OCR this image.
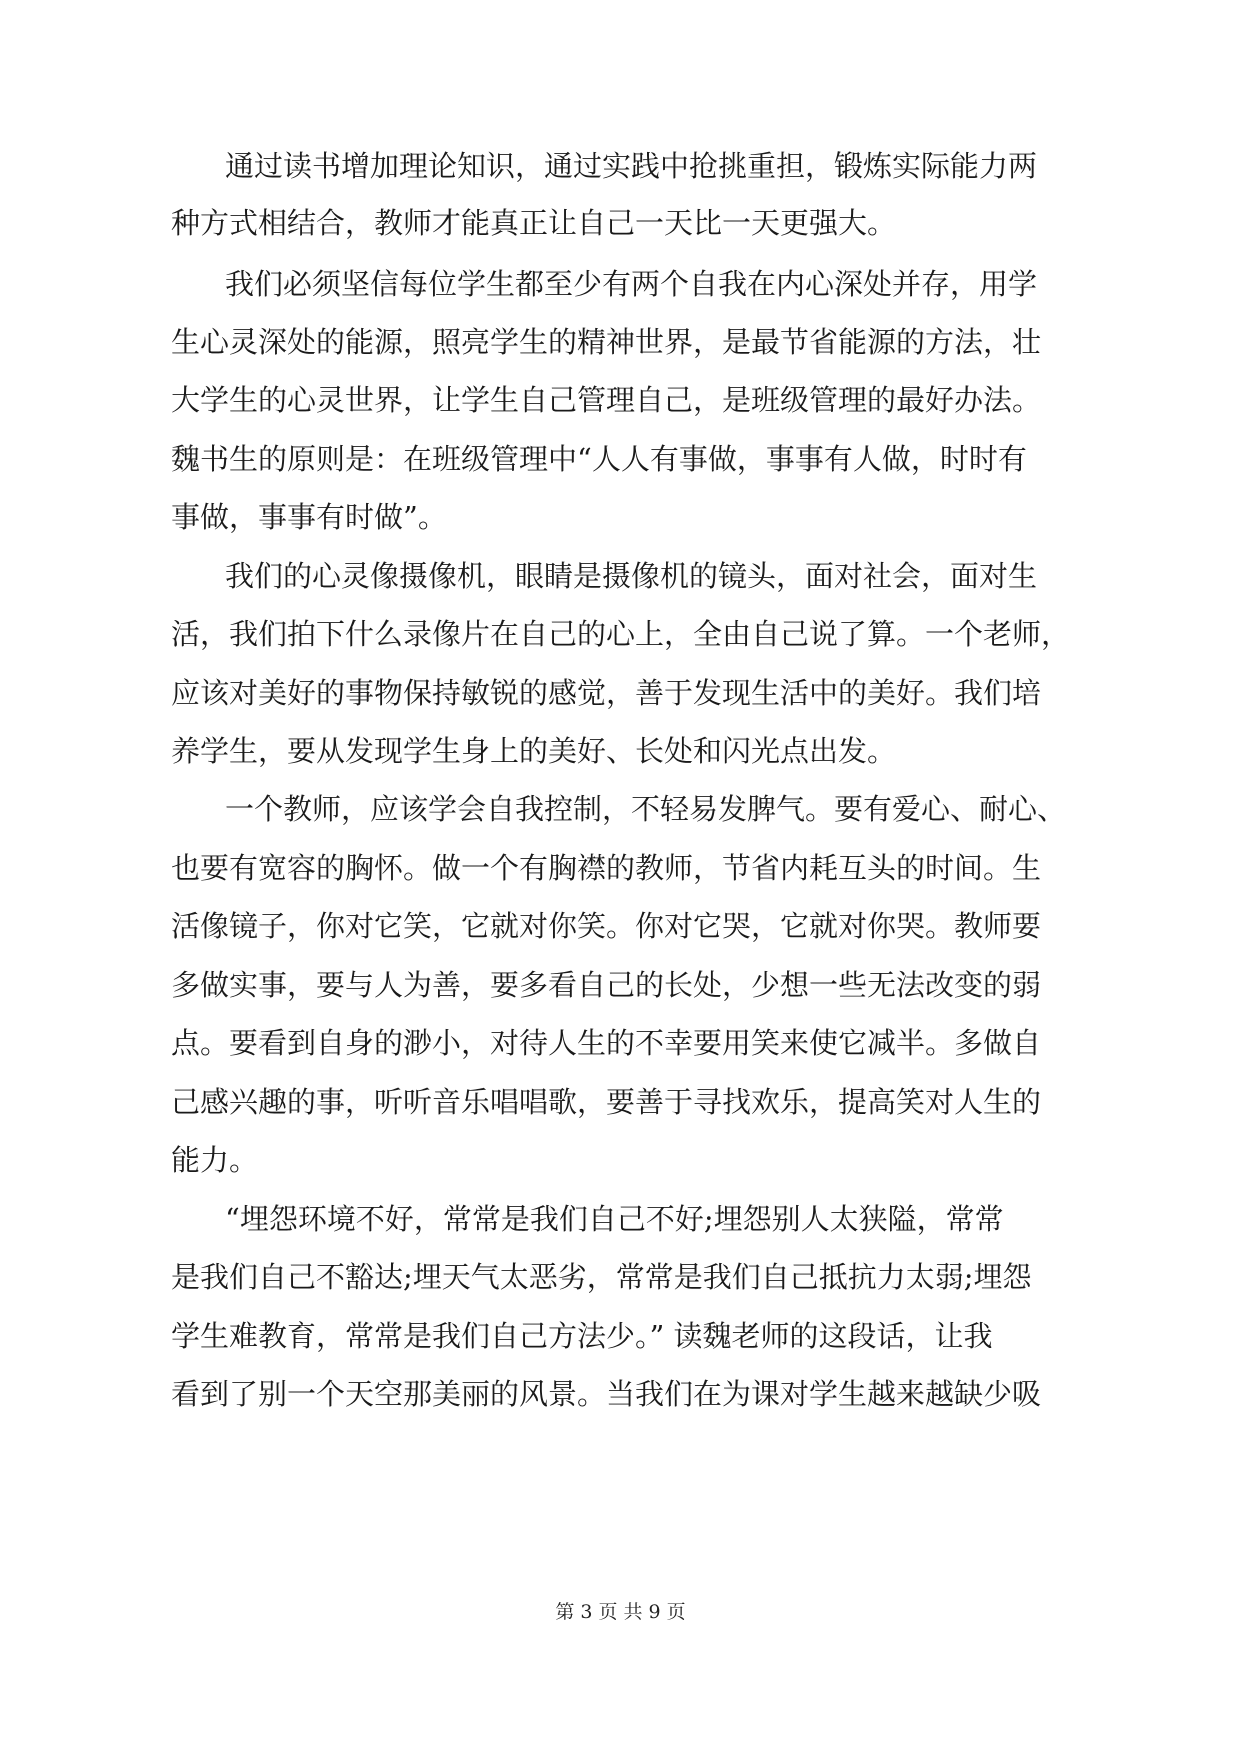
通过读书增加理论知识，通过实践中抢挑重担，锻炼实际能力两
种方式相结合，教师才能真正让自己一天比一天更强大。
我们必须坚信每位学生都至少有两个自我在内心深处并存，用学
生心灵深处的能源，照亮学生的精神世界，是最节省能源的方法，壮
大学生的心灵世界，让学生自己管理自己，是班级管理的最好办法。
魏书生的原则是：在班级管理中“人人有事做，事事有人做，时时有
事做，事事有时做”。
我们的心灵像摄像机，眼睛是摄像机的镜头，面对社会，面对生
活，我们拍下什么录像片在自己的心上，全由自己说了算。一个老师，
应该对美好的事物保持敏锐的感觉，善于发现生活中的美好。我们培
养学生，要从发现学生身上的美好、长处和闪光点出发。
一个教师，应该学会自我控制，不轻易发脾气。要有爱心、耐心、
也要有宽容的胸怀。做一个有胸襟的教师，节省内耗互头的时间。生
活像镜子，你对它笑，它就对你笑。你对它哭，它就对你哭。教师要
多做实事，要与人为善，要多看自己的长处，少想一些无法改变的弱
点。要看到自身的渺小，对待人生的不幸要用笑来使它减半。多做自
己感兴趣的事，听听音乐唱唱歌，要善于寻找欢乐，提高笑对人生的
能力。
“埋怨环境不好，常常是我们自己不好;埋怨别人太狭隘，常常
是我们自己不豁达;埋天气太恶劣，常常是我们自己抵抗力太弱;埋怨
学生难教育，常常是我们自己方法少。” 读魏老师的这段话，让我
看到了别一个天空那美丽的风景。当我们在为课对学生越来越缺少吸
第 3 页 共 9 页
